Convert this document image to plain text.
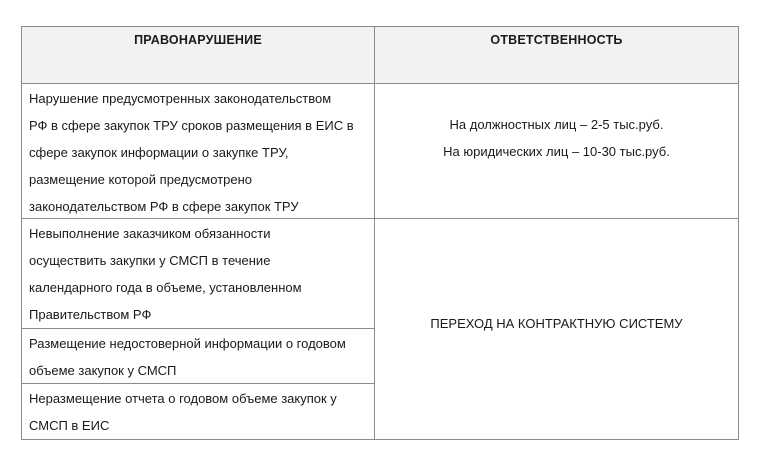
ПРАВОНАРУШЕНИЕ	ОТВЕТСТВЕННОСТЬ
Нарушение предусмотренных законодательством
РФ в сфере закупок ТРУ сроков размещения в ЕИС в
сфере закупок информации о закупке ТРУ,
размещение которой предусмотрено
законодательством РФ в сфере закупок ТРУ
На должностных лиц – 2-5 тыс.руб.
На юридических лиц – 10-30 тыс.руб.
Невыполнение заказчиком обязанности
осуществить закупки у СМСП в течение
календарного года в объеме, установленном
Правительством РФ
Размещение недостоверной информации о годовом
объеме закупок у СМСП
Неразмещение отчета о годовом объеме закупок у
СМСП в ЕИС
ПЕРЕХОД НА КОНТРАКТНУЮ СИСТЕМУ
